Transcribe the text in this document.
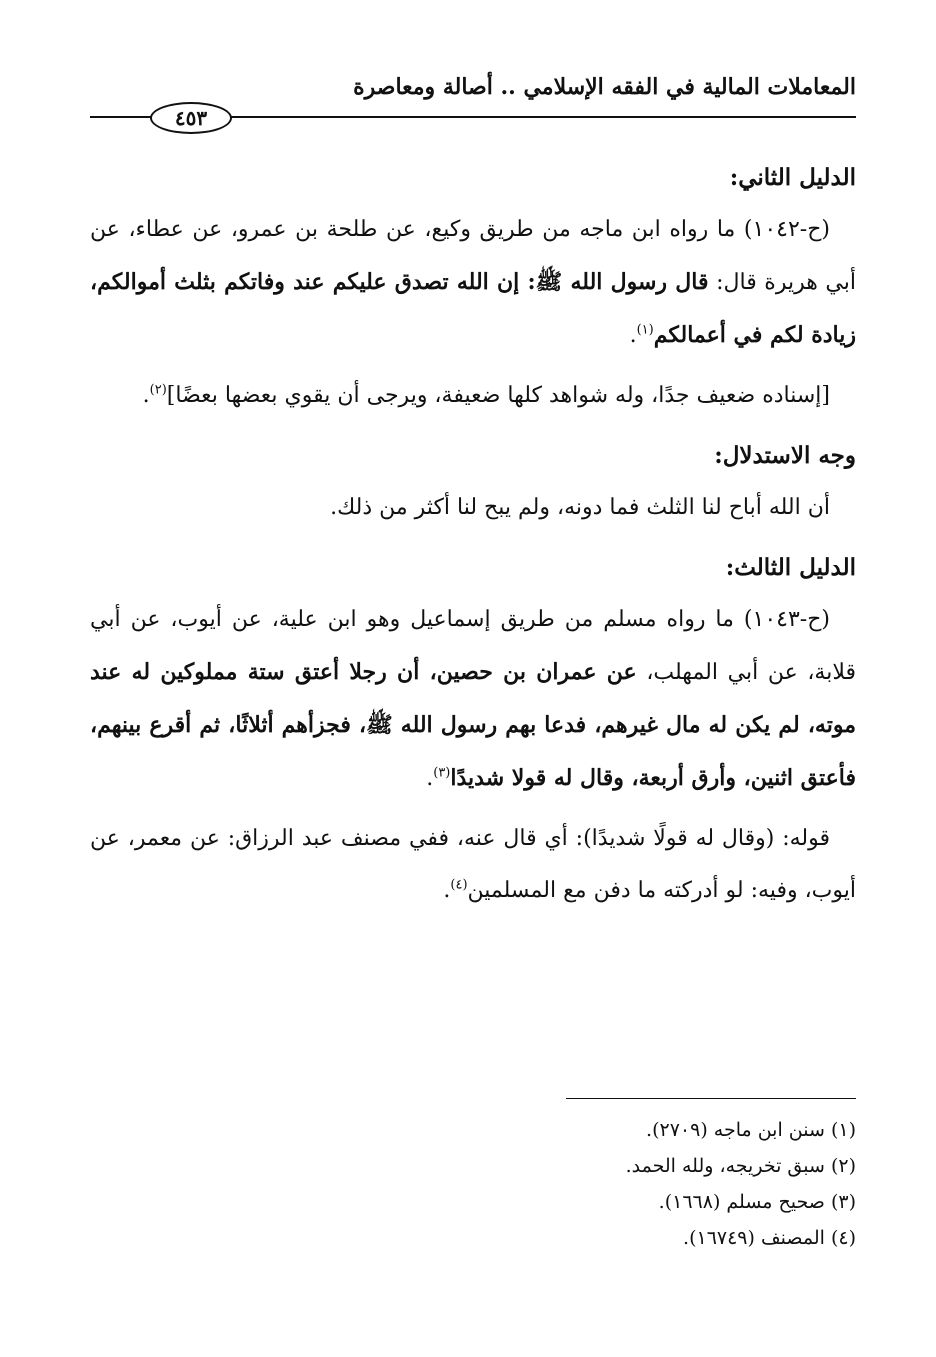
المعاملات المالية في الفقه الإسلامي .. أصالة ومعاصرة
٤٥٣

الدليل الثاني:

(ح-١٠٤٢) ما رواه ابن ماجه من طريق وكيع، عن طلحة بن عمرو، عن عطاء، عن أبي هريرة قال: قال رسول الله ﷺ: إن الله تصدق عليكم عند وفاتكم بثلث أموالكم، زيادة لكم في أعمالكم$^{(١)}$.

[إسناده ضعيف جدًا، وله شواهد كلها ضعيفة، ويرجى أن يقوي بعضها بعضًا]$^{(٢)}$.

وجه الاستدلال:

أن الله أباح لنا الثلث فما دونه، ولم يبح لنا أكثر من ذلك.

الدليل الثالث:

(ح-١٠٤٣) ما رواه مسلم من طريق إسماعيل وهو ابن علية، عن أيوب، عن أبي قلابة، عن أبي المهلب، عن عمران بن حصين، أن رجلا أعتق ستة مملوكين له عند موته، لم يكن له مال غيرهم، فدعا بهم رسول الله ﷺ، فجزأهم أثلاثًا، ثم أقرع بينهم، فأعتق اثنين، وأرق أربعة، وقال له قولا شديدًا$^{(٣)}$.

قوله: (وقال له قولًا شديدًا): أي قال عنه، ففي مصنف عبد الرزاق: عن معمر، عن أيوب، وفيه: لو أدركته ما دفن مع المسلمين$^{(٤)}$.

(١) سنن ابن ماجه (٢٧٠٩).

(٢) سبق تخريجه، ولله الحمد.

(٣) صحيح مسلم (١٦٦٨).

(٤) المصنف (١٦٧٤٩).
